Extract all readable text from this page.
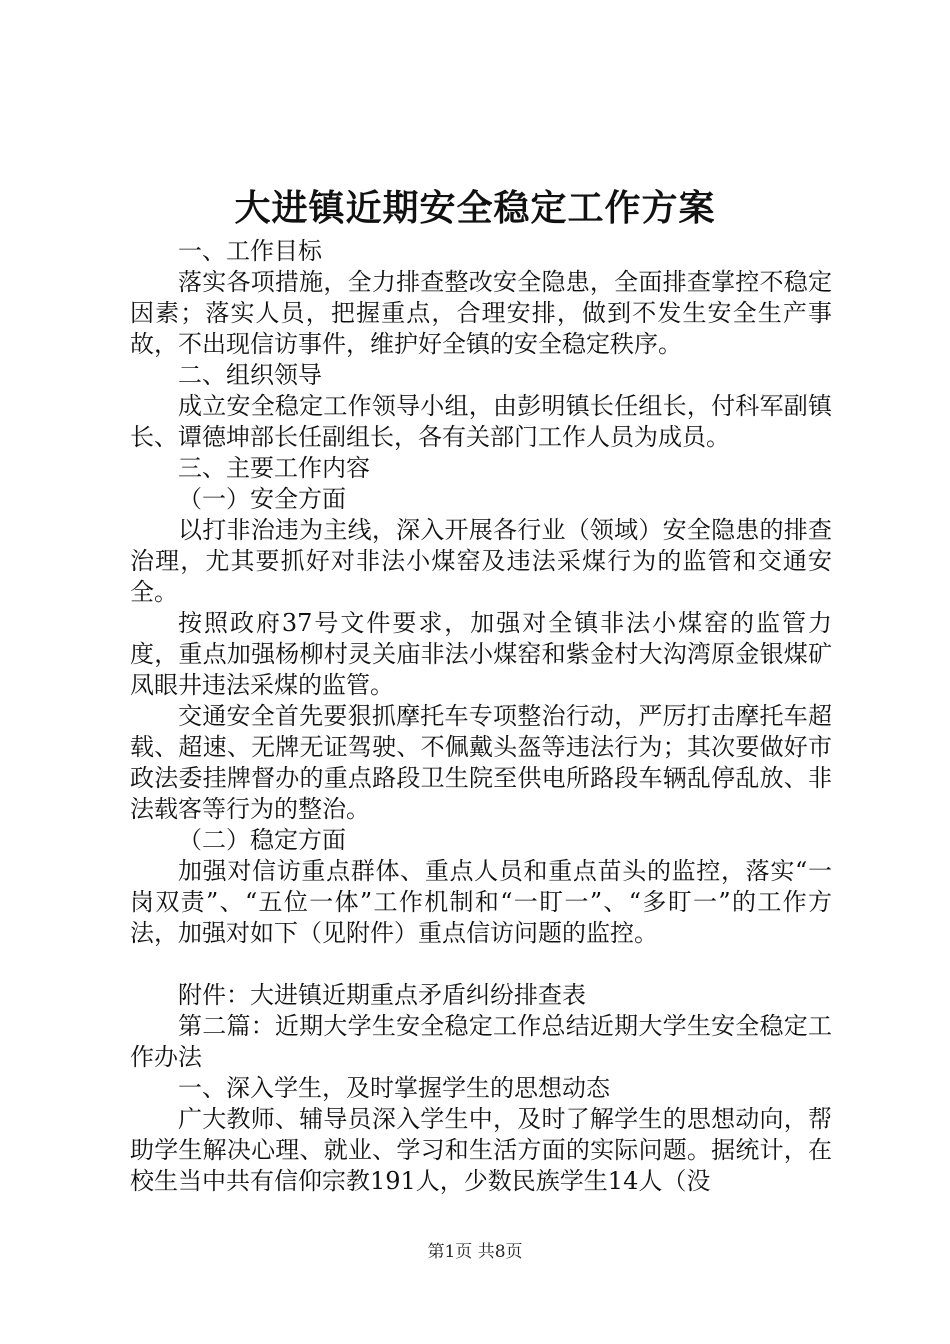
大进镇近期安全稳定工作方案

一、工作目标

落实各项措施，全力排查整改安全隐患，全面排查掌控不稳定因素；落实人员，把握重点，合理安排，做到不发生安全生产事故，不出现信访事件，维护好全镇的安全稳定秩序。

二、组织领导

成立安全稳定工作领导小组，由彭明镇长任组长，付科军副镇长、谭德坤部长任副组长，各有关部门工作人员为成员。

三、主要工作内容

（一）安全方面

以打非治违为主线，深入开展各行业（领域）安全隐患的排查治理，尤其要抓好对非法小煤窑及违法采煤行为的监管和交通安全。

按照政府37号文件要求，加强对全镇非法小煤窑的监管力度，重点加强杨柳村灵关庙非法小煤窑和紫金村大沟湾原金银煤矿凤眼井违法采煤的监管。

交通安全首先要狠抓摩托车专项整治行动，严厉打击摩托车超载、超速、无牌无证驾驶、不佩戴头盔等违法行为；其次要做好市政法委挂牌督办的重点路段卫生院至供电所路段车辆乱停乱放、非法载客等行为的整治。

（二）稳定方面

加强对信访重点群体、重点人员和重点苗头的监控，落实“一岗双责”、“五位一体”工作机制和“一盯一”、“多盯一”的工作方法，加强对如下（见附件）重点信访问题的监控。

附件：大进镇近期重点矛盾纠纷排查表

第二篇：近期大学生安全稳定工作总结近期大学生安全稳定工作办法

一、深入学生，及时掌握学生的思想动态

广大教师、辅导员深入学生中，及时了解学生的思想动向，帮助学生解决心理、就业、学习和生活方面的实际问题。据统计，在校生当中共有信仰宗教191人，少数民族学生14人（没

第1页 共8页
